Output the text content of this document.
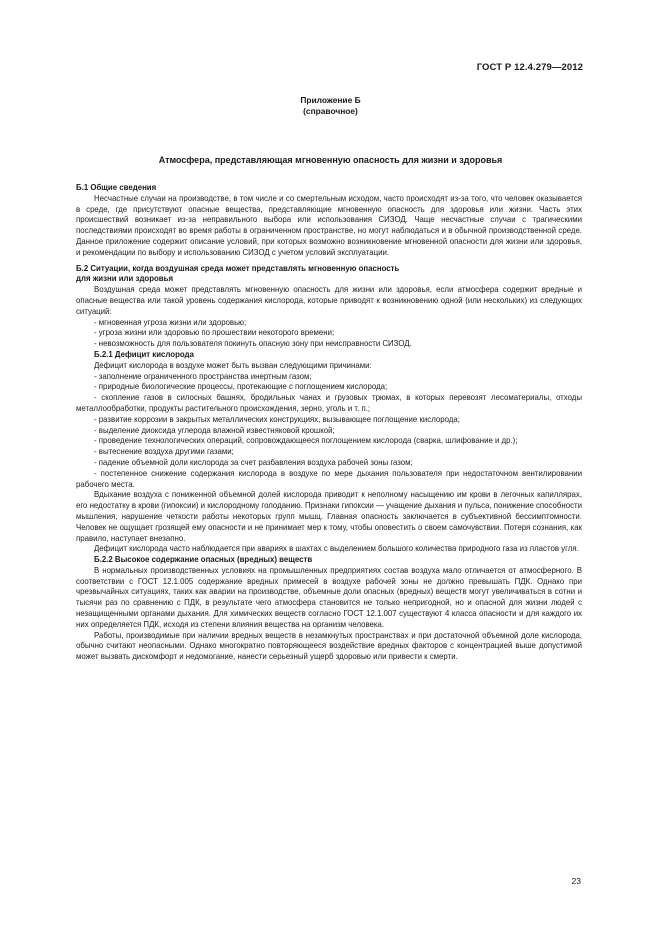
ГОСТ Р 12.4.279—2012
Приложение Б
(справочное)
Атмосфера, представляющая мгновенную опасность для жизни и здоровья
Б.1 Общие сведения

Несчастные случаи на производстве, в том числе и со смертельным исходом, часто происходят из-за того, что человек оказывается в среде, где присутствуют опасные вещества, представляющие мгновенную опасность для здоровья или жизни. Часть этих происшествий возникает из-за неправильного выбора или использования СИЗОД. Чаще несчастные случаи с трагическими последствиями происходят во время работы в ограниченном пространстве, но могут наблюдаться и в обычной производственной среде. Данное приложение содержит описание условий, при которых возможно возникновение мгновенной опасности для жизни или здоровья, и рекомендации по выбору и использованию СИЗОД с учетом условий эксплуатации.

Б.2 Ситуации, когда воздушная среда может представлять мгновенную опасность
для жизни или здоровья

Воздушная среда может представлять мгновенную опасность для жизни или здоровья, если атмосфера содержит вредные и опасные вещества или такой уровень содержания кислорода, которые приводят к возникновению одной (или нескольких) из следующих ситуаций:

- мгновенная угроза жизни или здоровью;

- угроза жизни или здоровью по прошествии некоторого времени;

- невозможность для пользователя покинуть опасную зону при неисправности СИЗОД.

Б.2.1 Дефицит кислорода

Дефицит кислорода в воздухе может быть вызван следующими причинами:

- заполнение ограниченного пространства инертным газом;

- природные биологические процессы, протекающие с поглощением кислорода;

- скопление газов в силосных башнях, бродильных чанах и грузовых трюмах, в которых перевозят лесоматериалы, отходы металлообработки, продукты растительного происхождения, зерно, уголь и т. п.;

- развитие коррозии в закрытых металлических конструкциях, вызывающее поглощение кислорода;

- выделение диоксида углерода влажной известняковой крошкой;

- проведение технологических операций, сопровождающееся поглощением кислорода (сварка, шлифование и др.);

- вытеснение воздуха другими газами;

- падение объемной доли кислорода за счет разбавления воздуха рабочей зоны газом;

- постепенное снижение содержания кислорода в воздухе по мере дыхания пользователя при недостаточном вентилировании рабочего места.

Вдыхание воздуха с пониженной объемной долей кислорода приводит к неполному насыщению им крови в легочных капиллярах, его недостатку в крови (гипоксии) и кислородному голоданию. Признаки гипоксии — учащение дыхания и пульса, понижение способности мышления, нарушение четкости работы некоторых групп мышц. Главная опасность заключается в субъективной бессимптомности. Человек не ощущает грозящей ему опасности и не принимает мер к тому, чтобы оповестить о своем самочувствии. Потеря сознания, как правило, наступает внезапно.

Дефицит кислорода часто наблюдается при авариях в шахтах с выделением большого количества природного газа из пластов угля.

Б.2.2 Высокое содержание опасных (вредных) веществ

В нормальных производственных условиях на промышленных предприятиях состав воздуха мало отличается от атмосферного. В соответствии с ГОСТ 12.1.005 содержание вредных примесей в воздухе рабочей зоны не должно превышать ПДК. Однако при чрезвычайных ситуациях, таких как аварии на производстве, объемные доли опасных (вредных) веществ могут увеличиваться в сотни и тысячи раз по сравнению с ПДК, в результате чего атмосфера становится не только непригодной, но и опасной для жизни людей с незащищенными органами дыхания. Для химических веществ согласно ГОСТ 12.1.007 существуют 4 класса опасности и для каждого их них определяется ПДК, исходя из степени влияния вещества на организм человека.

Работы, производимые при наличии вредных веществ в незамкнутых пространствах и при достаточной объемной доле кислорода, обычно считают неопасными. Однако многократно повторяющееся воздействие вредных факторов с концентрацией выше допустимой может вызвать дискомфорт и недомогание, нанести серьезный ущерб здоровью или привести к смерти.

23
